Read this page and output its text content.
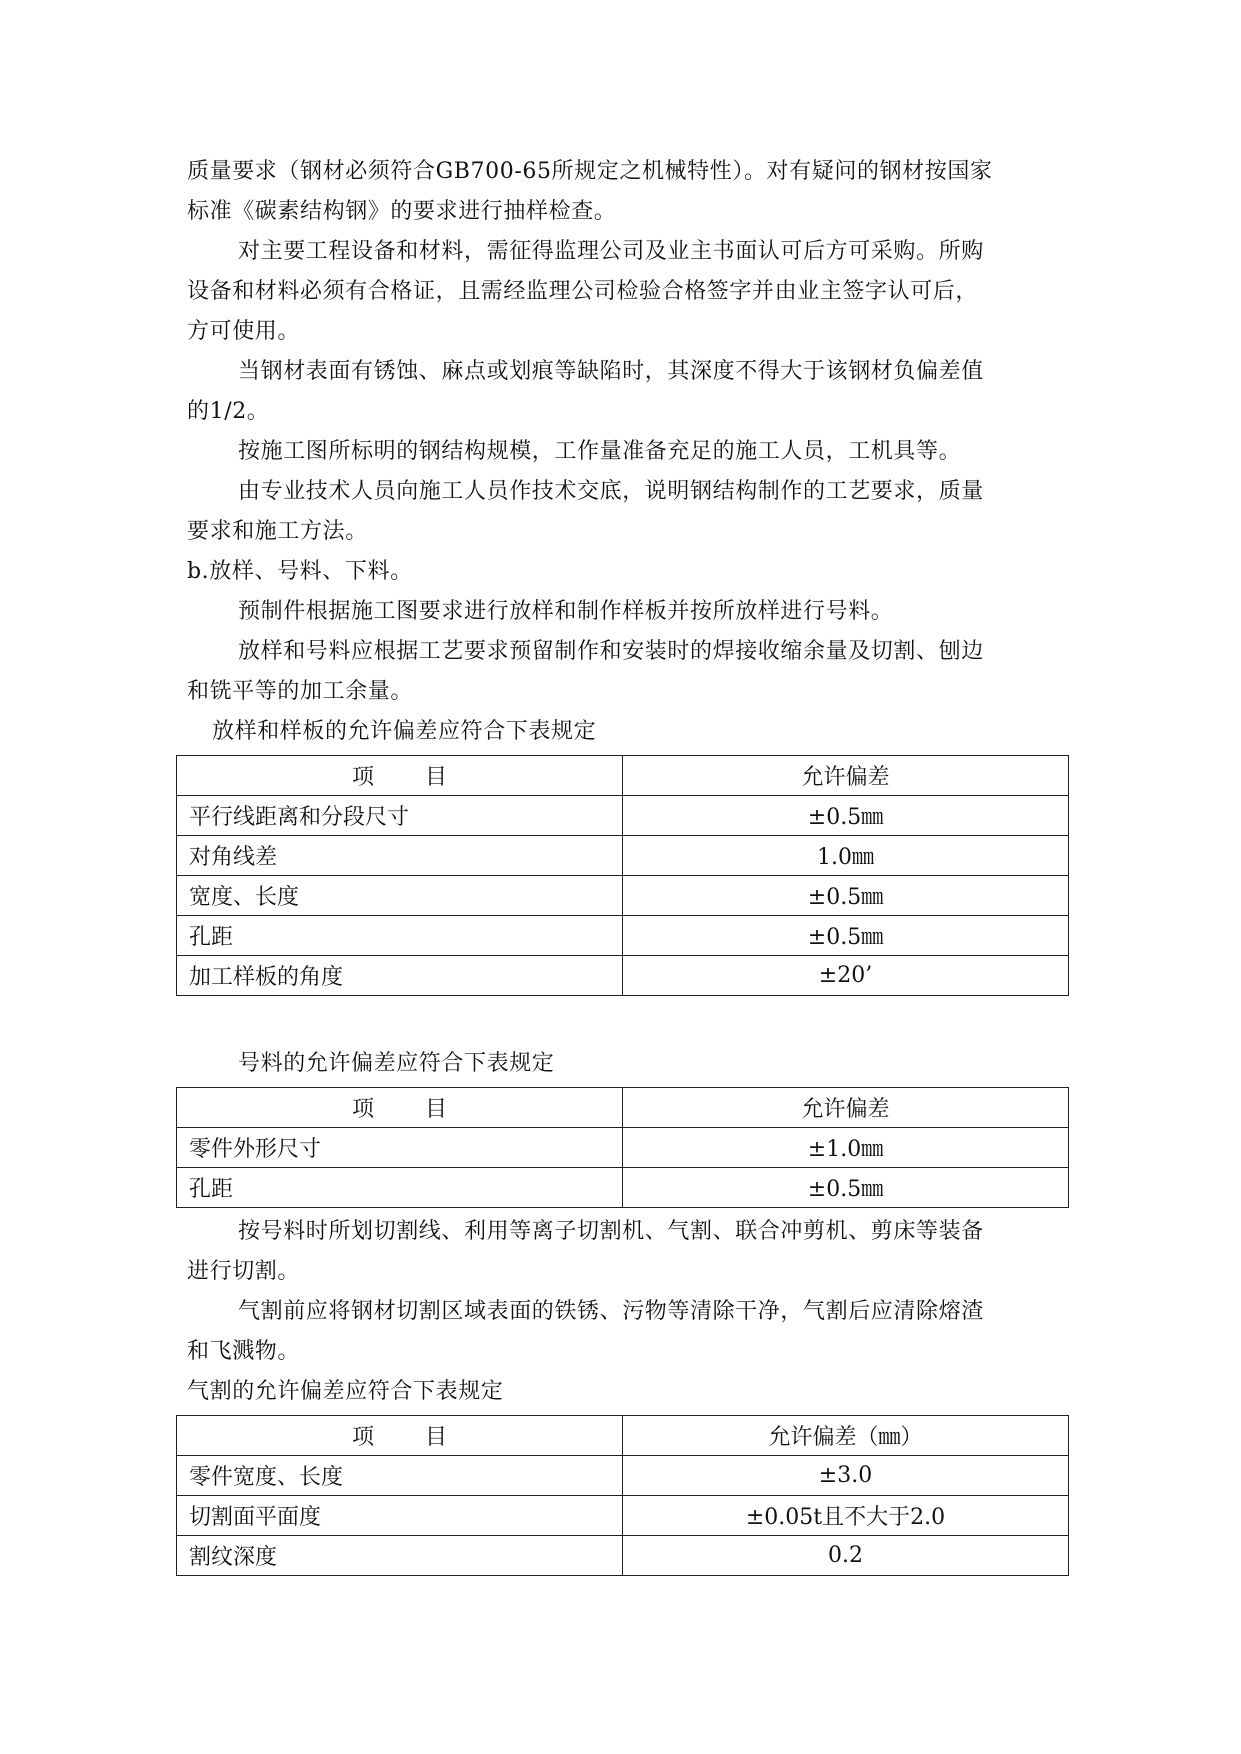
质量要求（钢材必须符合GB700-65所规定之机械特性）。对有疑问的钢材按国家
标准《碳素结构钢》的要求进行抽样检查。
对主要工程设备和材料，需征得监理公司及业主书面认可后方可采购。所购
设备和材料必须有合格证，且需经监理公司检验合格签字并由业主签字认可后，
方可使用。
当钢材表面有锈蚀、麻点或划痕等缺陷时，其深度不得大于该钢材负偏差值
的1/2。
按施工图所标明的钢结构规模，工作量准备充足的施工人员，工机具等。
由专业技术人员向施工人员作技术交底，说明钢结构制作的工艺要求，质量
要求和施工方法。
b.放样、号料、下料。
预制件根据施工图要求进行放样和制作样板并按所放样进行号料。
放样和号料应根据工艺要求预留制作和安装时的焊接收缩余量及切割、刨边
和铣平等的加工余量。
放样和样板的允许偏差应符合下表规定
项 目	允许偏差
平行线距离和分段尺寸	±0.5㎜
对角线差	1.0㎜
宽度、长度	±0.5㎜
孔距	±0.5㎜
加工样板的角度	±20’
号料的允许偏差应符合下表规定
项 目	允许偏差
零件外形尺寸	±1.0㎜
孔距	±0.5㎜
按号料时所划切割线、利用等离子切割机、气割、联合冲剪机、剪床等装备
进行切割。
气割前应将钢材切割区域表面的铁锈、污物等清除干净，气割后应清除熔渣
和飞溅物。
气割的允许偏差应符合下表规定
项 目	允许偏差（㎜）
零件宽度、长度	±3.0
切割面平面度	±0.05t且不大于2.0
割纹深度	0.2
